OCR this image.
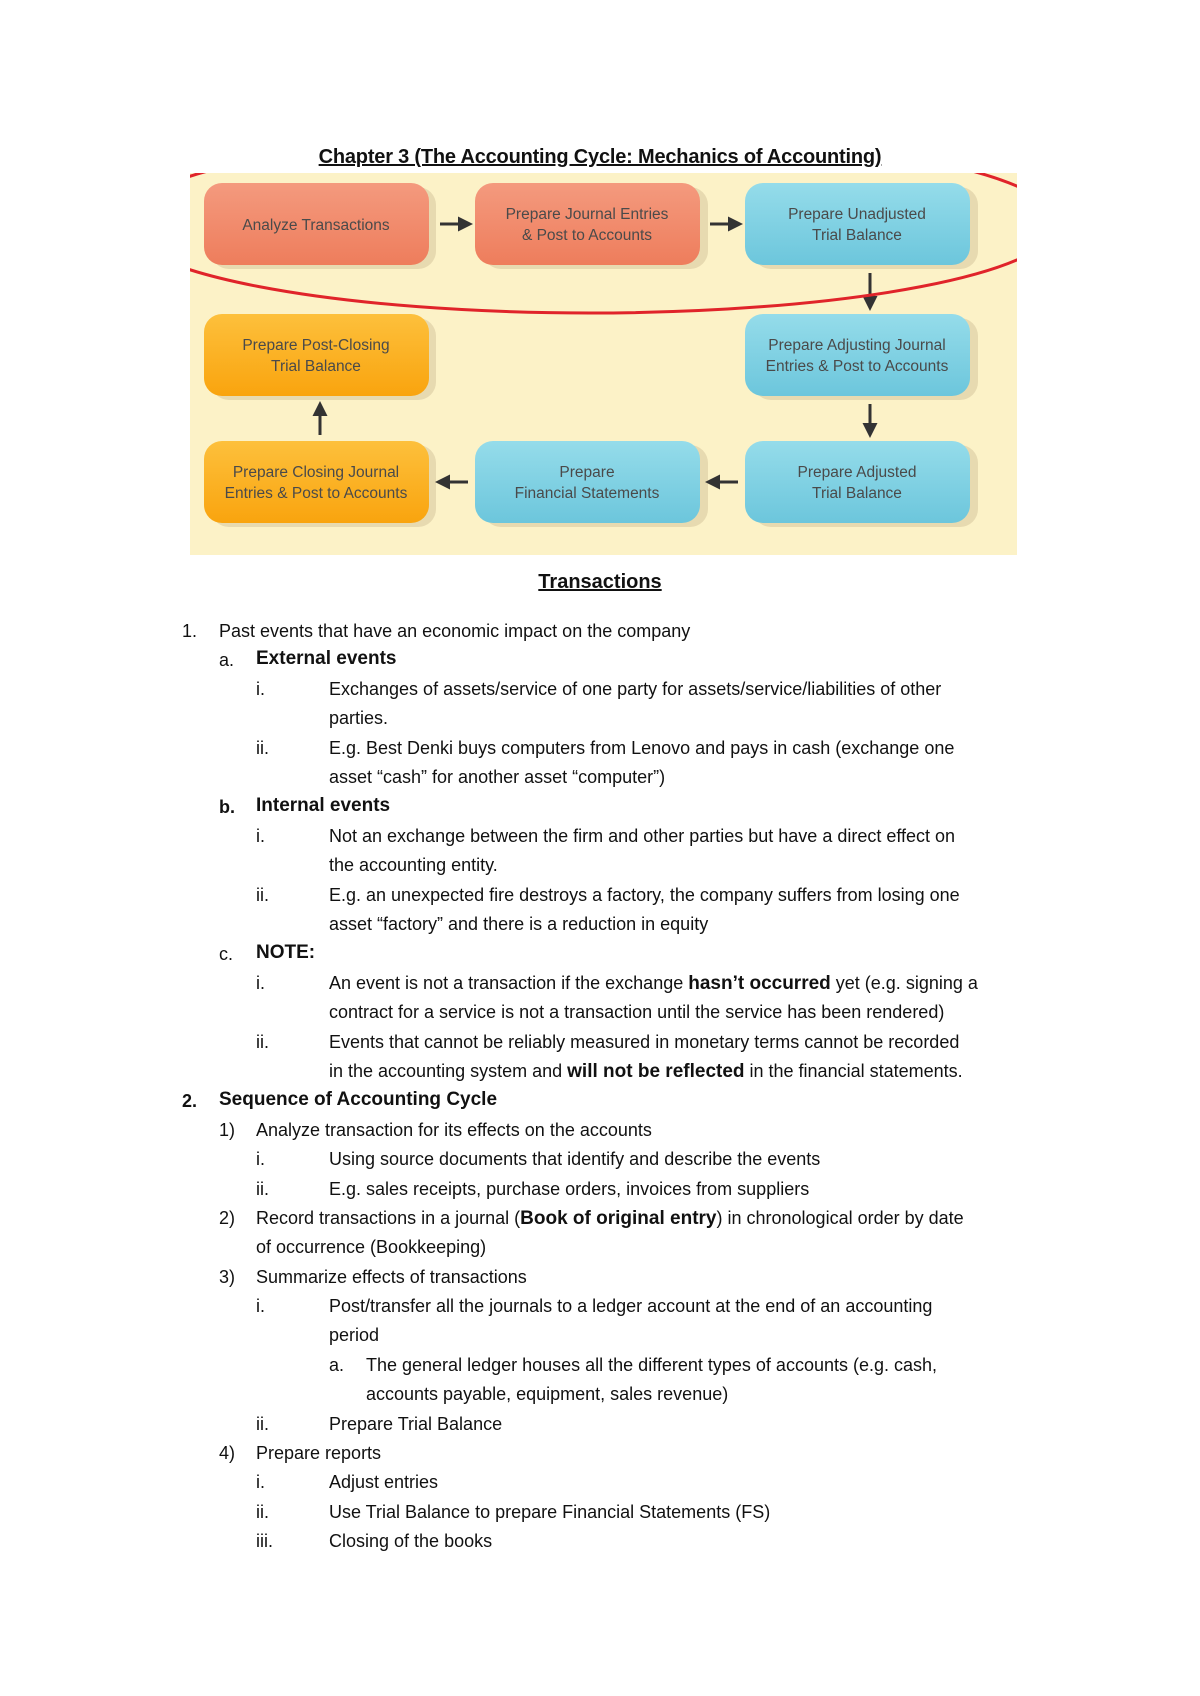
Chapter 3 (The Accounting Cycle: Mechanics of Accounting)
Analyze Transactions
Prepare Journal Entries & Post to Accounts
Prepare Unadjusted Trial Balance
Prepare Post-Closing Trial Balance
Prepare Adjusting Journal Entries & Post to Accounts
Prepare Closing Journal Entries & Post to Accounts
Prepare Financial Statements
Prepare Adjusted Trial Balance
Transactions
1. Past events that have an economic impact on the company
a. External events
i.	Exchanges of assets/service of one party for assets/service/liabilities of other
parties.
ii.	E.g. Best Denki buys computers from Lenovo and pays in cash (exchange one
asset “cash” for another asset “computer”)
b. Internal events
i.	Not an exchange between the firm and other parties but have a direct effect on
the accounting entity.
ii.	E.g. an unexpected fire destroys a factory, the company suffers from losing one
asset “factory” and there is a reduction in equity
c. NOTE:
i.	An event is not a transaction if the exchange hasn’t occurred yet (e.g. signing a
contract for a service is not a transaction until the service has been rendered)
ii.	Events that cannot be reliably measured in monetary terms cannot be recorded
in the accounting system and will not be reflected in the financial statements.
2. Sequence of Accounting Cycle
1) Analyze transaction for its effects on the accounts
i.	Using source documents that identify and describe the events
ii.	E.g. sales receipts, purchase orders, invoices from suppliers
2) Record transactions in a journal (Book of original entry) in chronological order by date
of occurrence (Bookkeeping)
3) Summarize effects of transactions
i.	Post/transfer all the journals to a ledger account at the end of an accounting
period
a. The general ledger houses all the different types of accounts (e.g. cash,
accounts payable, equipment, sales revenue)
ii.	Prepare Trial Balance
4) Prepare reports
i.	Adjust entries
ii.	Use Trial Balance to prepare Financial Statements (FS)
iii.	Closing of the books
